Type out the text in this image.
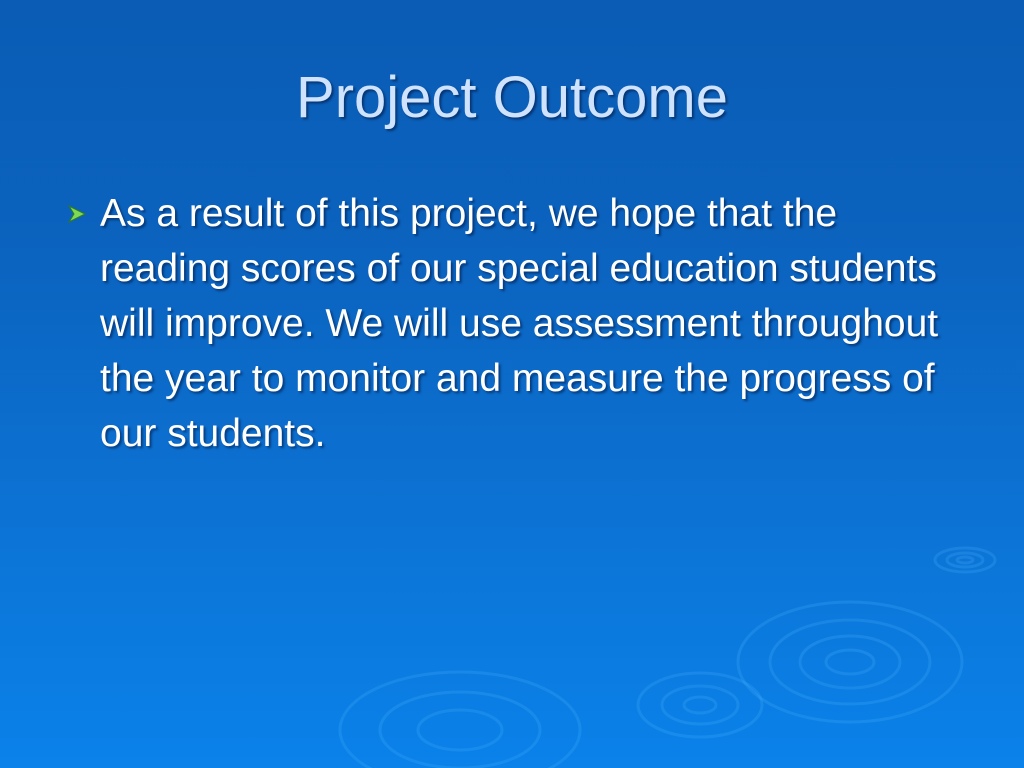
Project Outcome
As a result of this project, we hope that the reading scores of our special education students will improve. We will use assessment throughout the year to monitor and measure the progress of our students.
